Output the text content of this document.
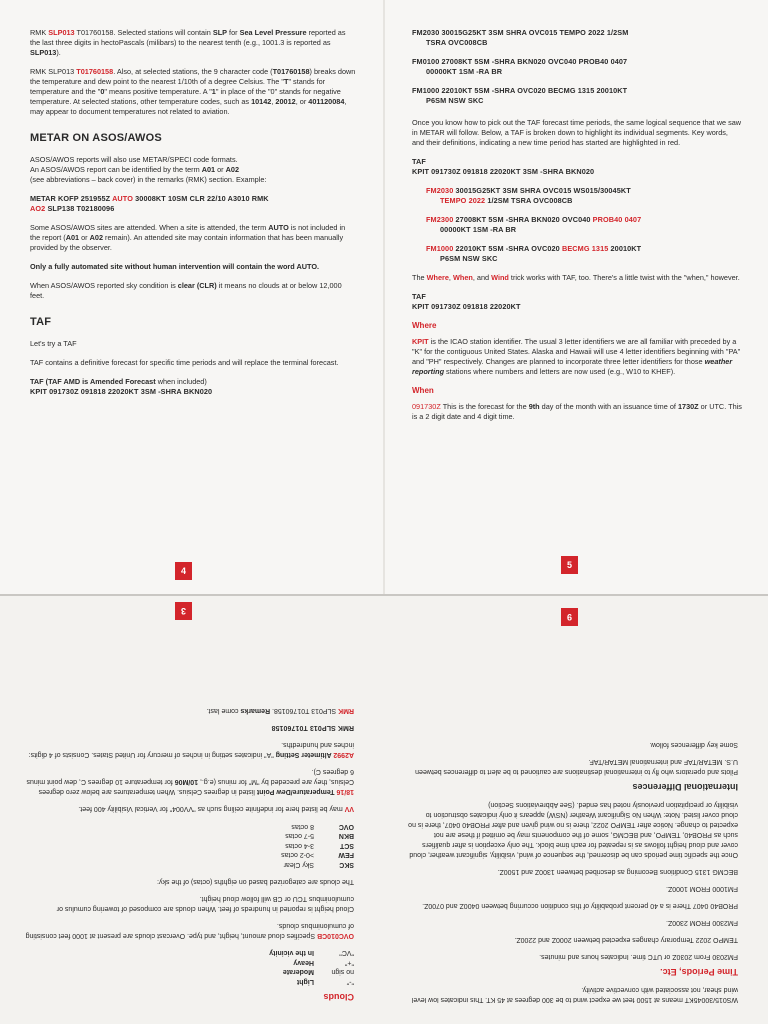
RMK SLP013 T01760158. Selected stations will contain SLP for Sea Level Pressure reported as the last three digits in hectoPascals (milibars) to the nearest tenth (e.g., 1001.3 is reported as SLP013).

RMK SLP013 T01760158. Also, at selected stations, the 9 character code (T01760158) breaks down the temperature and dew point to the nearest 1/10th of a degree Celsius. The "T" stands for temperature and the "0" means positive temperature. A "1" in place of the "0" stands for negative temperature. At selected stations, other temperature codes, such as 10142, 20012, or 401120084, may appear to document temperatures not related to aviation.

METAR ON ASOS/AWOS

ASOS/AWOS reports will also use METAR/SPECI code formats.
An ASOS/AWOS report can be identified by the term A01 or A02
(see abbreviations – back cover) in the remarks (RMK) section. Example:

METAR KOFP 251955Z AUTO 30008KT 10SM CLR 22/10 A3010 RMK
AO2 SLP138 T02180096

Some ASOS/AWOS sites are attended. When a site is attended, the term AUTO is not included in the report (A01 or A02 remain). An attended site may contain information that has been manually provided by the observer.

Only a fully automated site without human intervention will contain the word AUTO.

When ASOS/AWOS reported sky condition is clear (CLR) it means no clouds at or below 12,000 feet.

TAF

Let's try a TAF

TAF contains a definitive forecast for specific time periods and will replace the terminal forecast.

TAF (TAF AMD is Amended Forecast when included)
KPIT 091730Z 091818 22020KT 3SM -SHRA BKN020

4

FM2030 30015G25KT 3SM SHRA OVC015 TEMPO 2022 1/2SM
TSRA OVC008CB

FM0100 27008KT 5SM -SHRA BKN020 OVC040 PROB40 0407
00000KT 1SM -RA BR

FM1000 22010KT 5SM -SHRA OVC020 BECMG 1315 20010KT
P6SM NSW SKC

Once you know how to pick out the TAF forecast time periods, the same logical sequence that we saw in METAR will follow. Below, a TAF is broken down to highlight its individual segments. Key words, and their definitions, indicating a new time period has started are highlighted in red.

TAF
KPIT 091730Z 091818 22020KT 3SM -SHRA BKN020

FM2030 30015G25KT 3SM SHRA OVC015 WS015/30045KT
TEMPO 2022 1/2SM TSRA OVC008CB

FM2300 27008KT 5SM -SHRA BKN020 OVC040 PROB40 0407
00000KT 1SM -RA BR

FM1000 22010KT 5SM -SHRA OVC020 BECMG 1315 20010KT
P6SM NSW SKC

The Where, When, and Wind trick works with TAF, too. There's a little twist with the "when," however.

TAF
KPIT 091730Z 091818 22020KT

Where

KPIT is the ICAO station identifier. The usual 3 letter identifiers we are all familiar with preceded by a "K" for the contiguous United States. Alaska and Hawaii will use 4 letter identifiers beginning with "PA" and "PH" respectively. Changes are planned to incorporate three letter identifiers for those weather reporting stations where numbers and letters are now used (e.g., W10 to KHEF).

When

091730Z This is the forecast for the 9th day of the month with an issuance time of 1730Z or UTC. This is a 2 digit date and 4 digit time.

5
Clouds
"-"
Light
no sign
Moderate
"+"
Heavy
"VC"
In the vicinity

OVC010CB Specifies cloud amount, height, and type. Overcast clouds are present at 1000 feet consisting of cumulonimbus clouds.

Cloud height is reported in hundreds of feet. When clouds are composed of towering cumulus or cumulonimbus TCU or CB will follow cloud height.

The clouds are categorized based on eighths (octas) of the sky:

SKC
Sky Clear
FEW
>0-2 octas
SCT
3-4 octas
BKN
5-7 octas
OVC
8 octas

VV may be listed here for indefinite ceiling such as "VV004" for Vertical Visibility 400 feet.

18/16 Temperature/Dew Point listed in degrees Celsius. When temperatures are below zero degrees Celsius, they are preceded by "M" for minus (e.g., 10/M06 for temperature 10 degrees C, dew point minus 6 degrees C).

A2992 Altimeter Setting "A" indicates setting in inches of mercury for United States. Consists of 4 digits: inches and hundredths.

RMK SLP013 T01760158

RMK SLP013 T01760158. Remarks come last.

3

WS015/30045KT means at 1500 feet we expect wind to be 300 degrees at 45 KT. This indicates low level wind shear, not associated with convective activity.

Time Periods, Etc.

FM2030 From 2030Z or UTC time. Indicates hours and minutes.

TEMPO 2022 Temporary changes expected between 2000Z and 2200Z.

FM2300 FROM 2300Z.

PROB40 0407 There is a 40 percent probability of this condition occurring between 0400Z and 0700Z.

FM1000 FROM 1000Z.

BECMG 1315 Conditions Becoming as described between 1300Z and 1500Z.

Once the specific time periods can be discerned, the sequence of wind, visibility, significant weather, cloud cover and cloud height follows as is repeated for each time block. The only exception is after qualifiers such as PROB40, TEMPO, and BECMG, some of the components may be omitted if these are not expected to change. Notice after TEMPO 2022, there is no wind given and after PROB40 0407, there is no cloud cover listed. Note: When No Significant Weather (NSW) appears it only indicates obstruction to visibility or precipitation previously noted has ended. (See Abbreviations Section)

International Differences

Pilots and operators who fly to international destinations are cautioned to be alert to differences between U.S. METAR/TAF and international METAR/TAF.

Some key differences follow.

9
